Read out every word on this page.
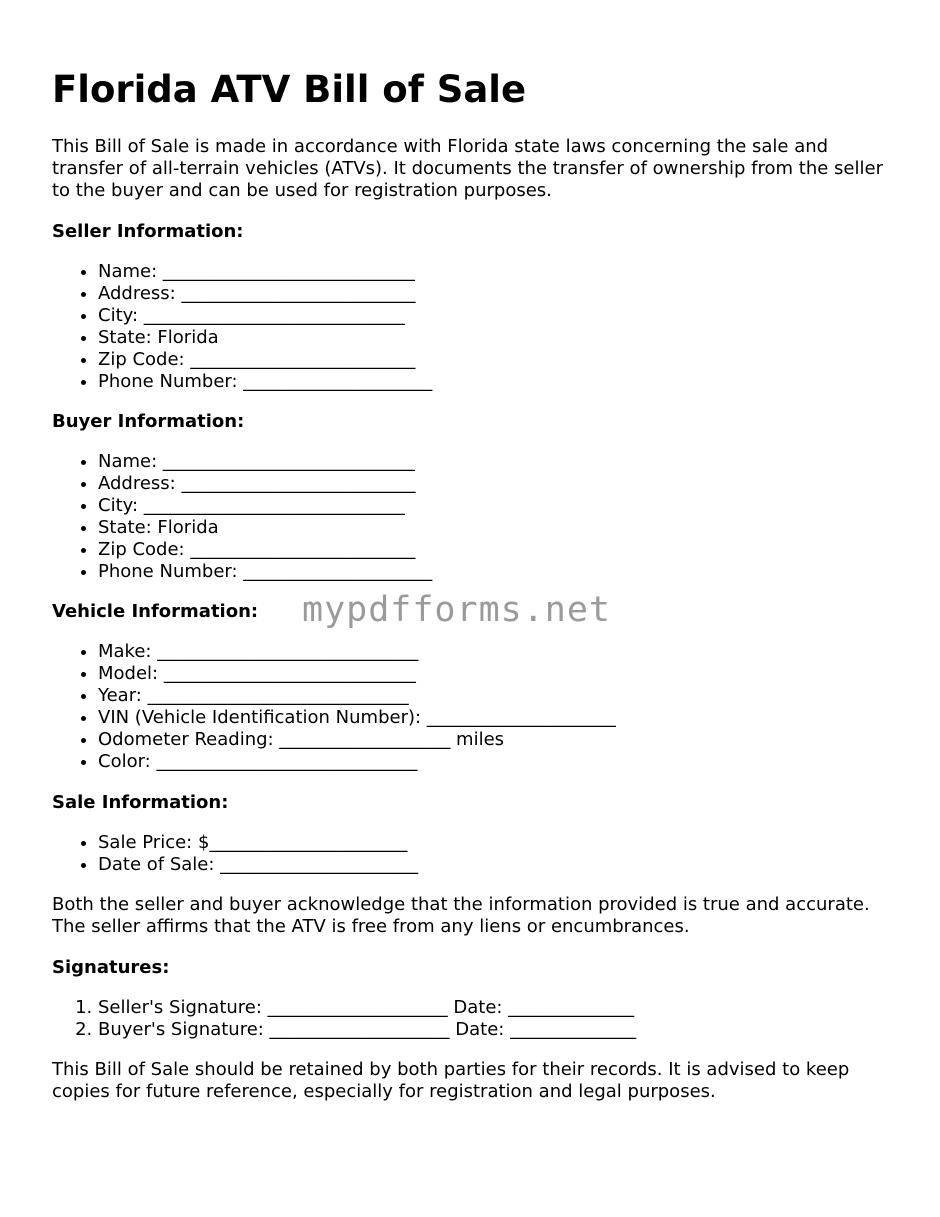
Florida ATV Bill of Sale

This Bill of Sale is made in accordance with Florida state laws concerning the sale and transfer of all-terrain vehicles (ATVs). It documents the transfer of ownership from the seller to the buyer and can be used for registration purposes.

Seller Information:
• Name: ____________________________
• Address: __________________________
• City: _____________________________
• State: Florida
• Zip Code: _________________________
• Phone Number: _____________________
Buyer Information:
• Name: ____________________________
• Address: __________________________
• City: _____________________________
• State: Florida
• Zip Code: _________________________
• Phone Number: _____________________
Vehicle Information:
• Make: _____________________________
• Model: ____________________________
• Year: _____________________________
• VIN (Vehicle Identification Number): _____________________
• Odometer Reading: ___________________ miles
• Color: _____________________________
Sale Information:
• Sale Price: $______________________
• Date of Sale: ______________________

Both the seller and buyer acknowledge that the information provided is true and accurate. The seller affirms that the ATV is free from any liens or encumbrances.

Signatures:
1. Seller's Signature: ____________________ Date: ______________
2. Buyer's Signature: ____________________ Date: ______________

This Bill of Sale should be retained by both parties for their records. It is advised to keep copies for future reference, especially for registration and legal purposes.

mypdfforms.net
